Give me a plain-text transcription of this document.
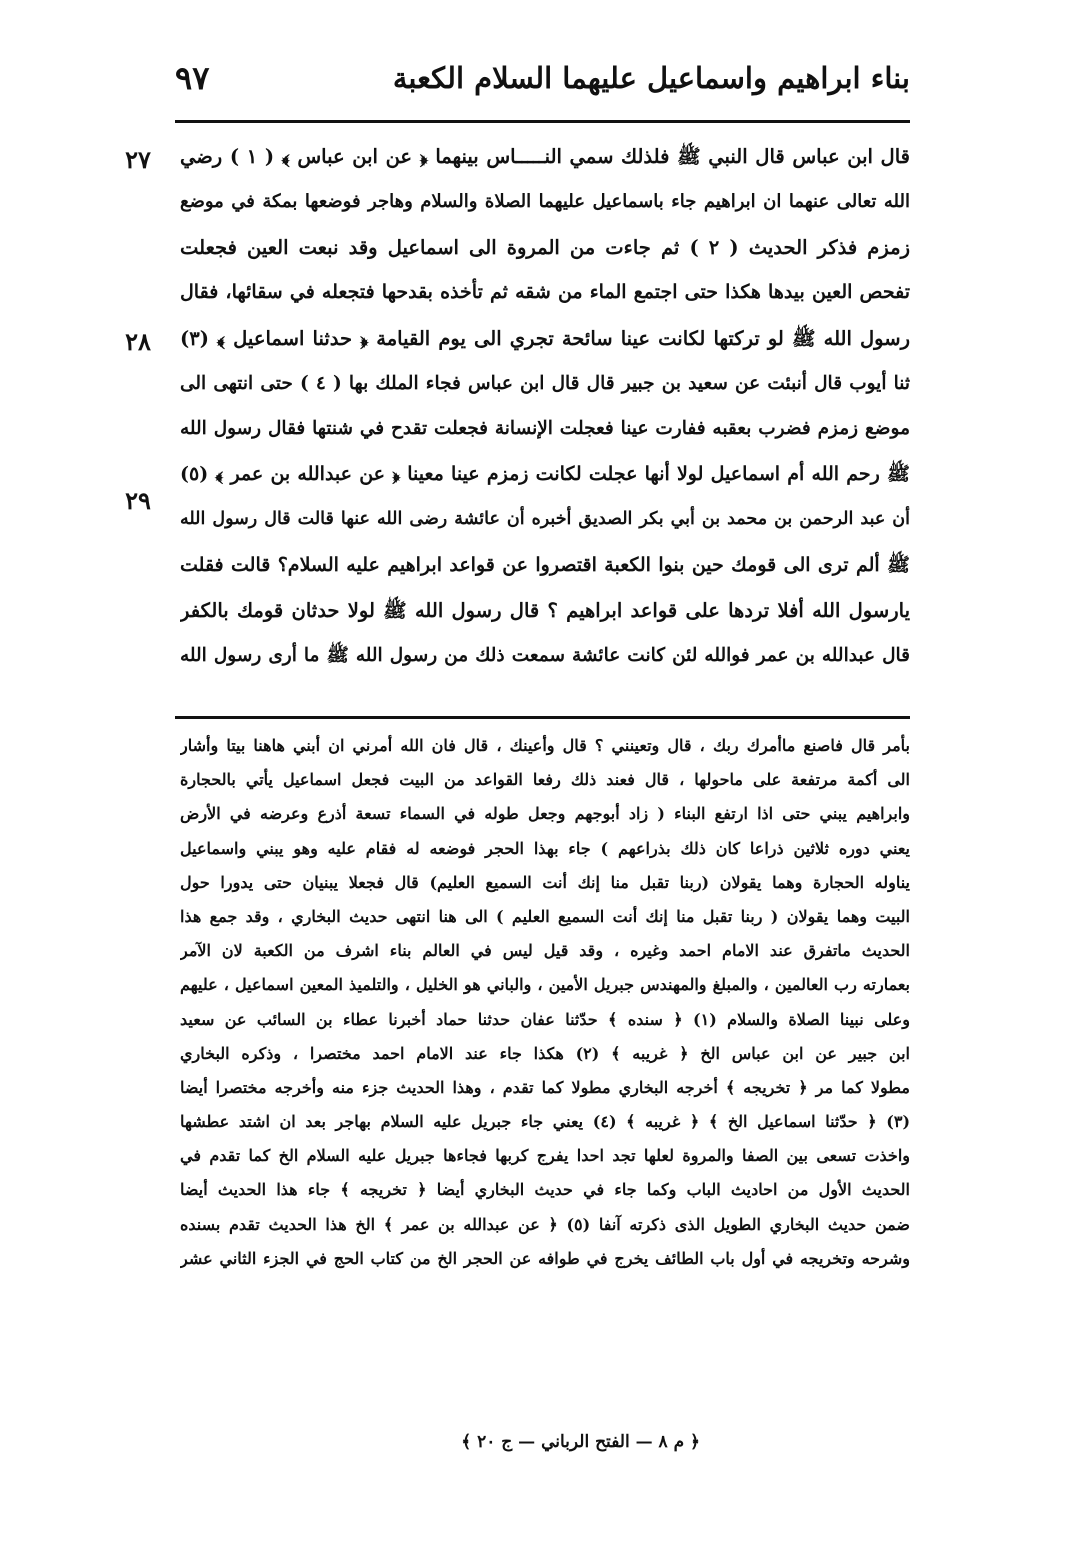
بناء ابراهيم واسماعيل عليهما السلام الكعبة
٩٧
٢٧
٢٨
٢٩
قال ابن عباس قال النبي ﷺ فلذلك سمي النـــــاس بينهما ﴿ عن ابن عباس ﴾ ( ١ ) رضي
الله تعالى عنهما ان ابراهيم جاء باسماعيل عليهما الصلاة والسلام وهاجر فوضعها بمكة في موضع
زمزم فذكر الحديث ( ٢ ) ثم جاءت من المروة الى اسماعيل وقد نبعت العين فجعلت
تفحص العين بيدها هكذا حتى اجتمع الماء من شقه ثم تأخذه بقدحها فتجعله في سقائها، فقال
رسول الله ﷺ لو تركتها لكانت عينا سائحة تجري الى يوم القيامة ﴿ حدثنا اسماعيل ﴾ (٣)
ثنا أيوب قال أنبئت عن سعيد بن جبير قال قال ابن عباس فجاء الملك بها ( ٤ ) حتى انتهى الى
موضع زمزم فضرب بعقبه ففارت عينا فعجلت الإنسانة فجعلت تقدح في شنتها فقال رسول الله
ﷺ رحم الله أم اسماعيل لولا أنها عجلت لكانت زمزم عينا معينا ﴿ عن عبدالله بن عمر ﴾ (٥)
أن عبد الرحمن بن محمد بن أبي بكر الصديق أخبره أن عائشة رضى الله عنها قالت قال رسول الله
ﷺ ألم ترى الى قومك حين بنوا الكعبة اقتصروا عن قواعد ابراهيم عليه السلام؟ قالت فقلت
يارسول الله أفلا تردها على قواعد ابراهيم ؟ قال رسول الله ﷺ لولا حدثان قومك بالكفر
قال عبدالله بن عمر فوالله لئن كانت عائشة سمعت ذلك من رسول الله ﷺ ما أرى رسول الله
بأمر قال فاصنع ماأمرك ربك ، قال وتعينني ؟ قال وأعينك ، قال فان الله أمرني ان أبني هاهنا بيتا وأشار
الى أكمة مرتفعة على ماحولها ، قال فعند ذلك رفعا القواعد من البيت فجعل اسماعيل يأتي بالحجارة
وابراهيم يبني حتى اذا ارتفع البناء ( زاد أبوجهم وجعل طوله في السماء تسعة أذرع وعرضه في الأرض
يعني دوره ثلاثين ذراعا كان ذلك بذراعهم ) جاء بهذا الحجر فوضعه له فقام عليه وهو يبني واسماعيل
يناوله الحجارة وهما يقولان (ربنا تقبل منا إنك أنت السميع العليم) قال فجعلا يبنيان حتى يدورا حول
البيت وهما يقولان ( ربنا تقبل منا إنك أنت السميع العليم ) الى هنا انتهى حديث البخاري ، وقد جمع هذا
الحديث ماتفرق عند الامام احمد وغيره ، وقد قيل ليس في العالم بناء اشرف من الكعبة لان الآمر
بعمارته رب العالمين ، والمبلغ والمهندس جبريل الأمين ، والباني هو الخليل ، والتلميذ المعين اسماعيل ، عليهم
وعلى نبينا الصلاة والسلام (١) ﴿ سنده ﴾ حدّثنا عفان حدثنا حماد أخبرنا عطاء بن السائب عن سعيد
ابن جبير عن ابن عباس الخ ﴿ غريبه ﴾ (٢) هكذا جاء عند الامام احمد مختصرا ، وذكره البخاري
مطولا كما مر ﴿ تخريجه ﴾ أخرجه البخاري مطولا كما تقدم ، وهذا الحديث جزء منه وأخرجه مختصرا أيضا
(٣) ﴿ حدّثنا اسماعيل الخ ﴾ ﴿ غريبه ﴾ (٤) يعني جاء جبريل عليه السلام بهاجر بعد ان اشتد عطشها
واخذت تسعى بين الصفا والمروة لعلها تجد احدا يفرج كربها فجاءها جبريل عليه السلام الخ كما تقدم في
الحديث الأول من احاديث الباب وكما جاء في حديث البخاري أيضا ﴿ تخريجه ﴾ جاء هذا الحديث أيضا
ضمن حديث البخاري الطويل الذى ذكرته آنفا (٥) ﴿ عن عبدالله بن عمر ﴾ الخ هذا الحديث تقدم بسنده
وشرحه وتخريجه في أول باب الطائف يخرج في طوافه عن الحجر الخ من كتاب الحج في الجزء الثاني عشر
﴿ م ٨ — الفتح الرباني — ج ٢٠ ﴾
